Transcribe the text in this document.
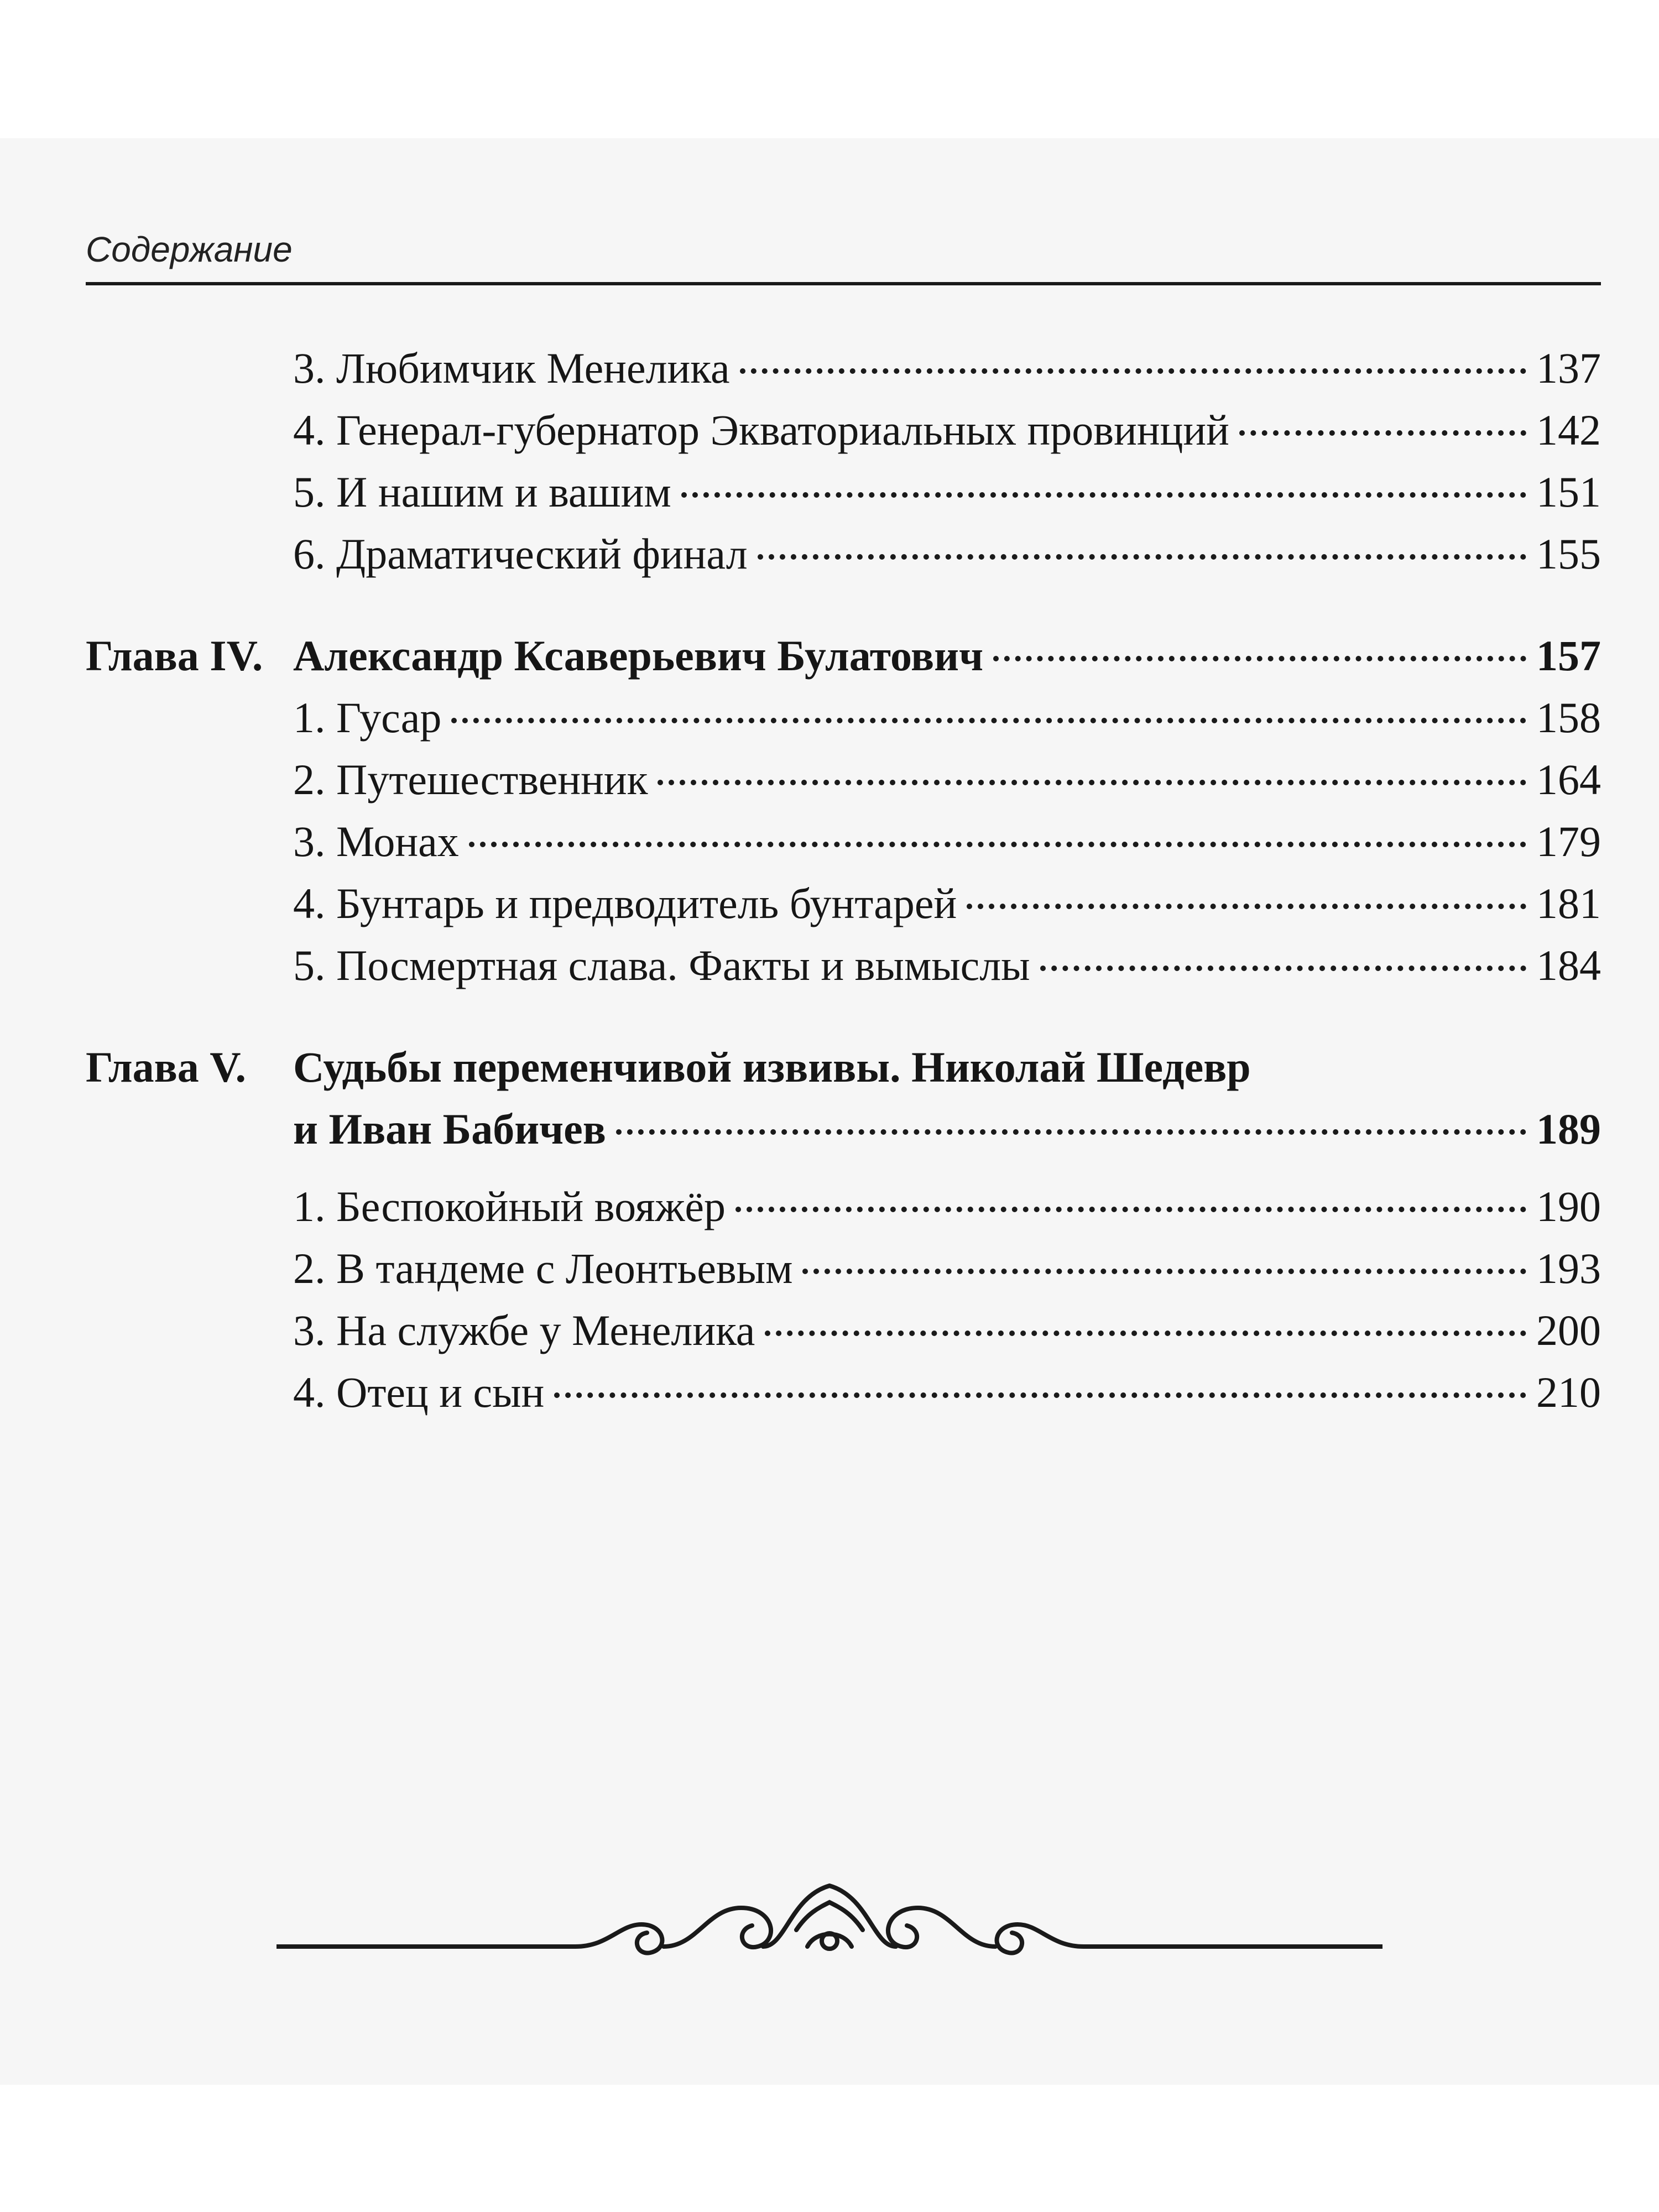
Содержание
3. Любимчик Менелика	137
4. Генерал-губернатор Экваториальных провинций	142
5. И нашим и вашим	151
6. Драматический финал	155
Глава IV. Александр Ксаверьевич Булатович	157
1. Гусар	158
2. Путешественник	164
3. Монах	179
4. Бунтарь и предводитель бунтарей	181
5. Посмертная слава. Факты и вымыслы	184
Глава V. Судьбы переменчивой извивы. Николай Шедевр
и Иван Бабичев	189
1. Беспокойный вояжёр	190
2. В тандеме с Леонтьевым	193
3. На службе у Менелика	200
4. Отец и сын	210
